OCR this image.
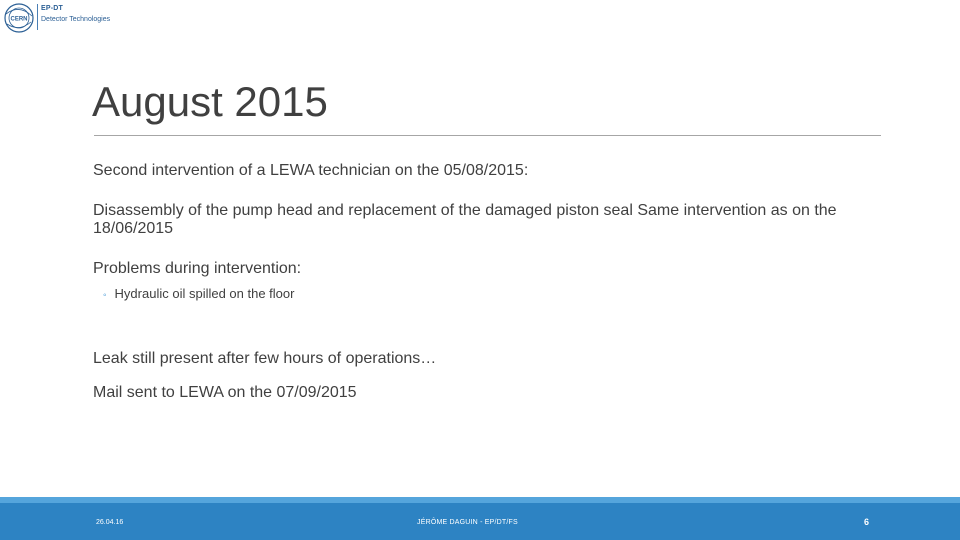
CERN
EP-DT
Detector Technologies
August 2015

Second intervention of a LEWA technician on the 05/08/2015:

Disassembly of the pump head and replacement of the damaged piston seal Same intervention as on the 18/06/2015

Problems during intervention:

◦ Hydraulic oil spilled on the floor

Leak still present after few hours of operations…

Mail sent to LEWA on the 07/09/2015

26.04.16	JÉRÔME DAGUIN - EP/DT/FS	6
